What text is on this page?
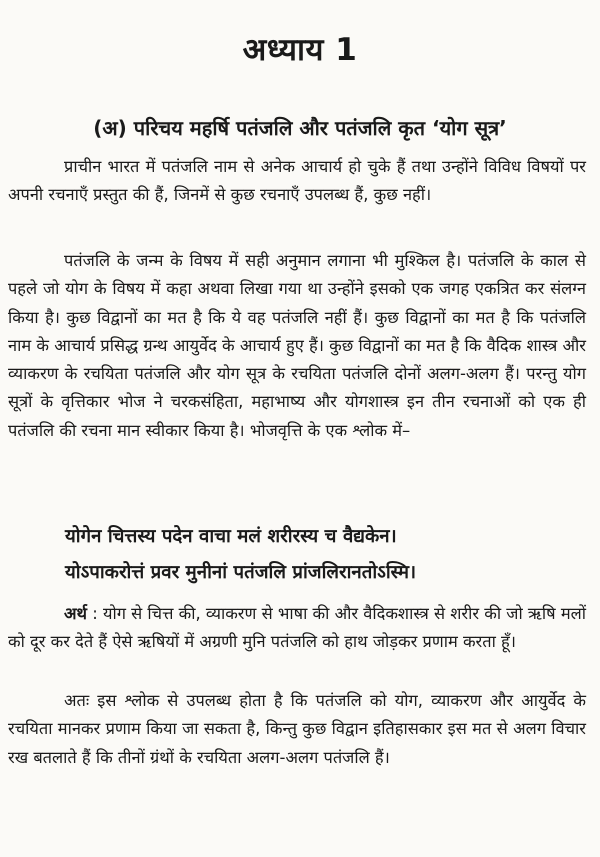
अध्याय 1
(अ) परिचय महर्षि पतंजलि और पतंजलि कृत ‘योग सूत्र’

प्राचीन भारत में पतंजलि नाम से अनेक आचार्य हो चुके हैं तथा उन्होंने विविध विषयों पर अपनी रचनाएँ प्रस्तुत की हैं, जिनमें से कुछ रचनाएँ उपलब्ध हैं, कुछ नहीं।

पतंजलि के जन्म के विषय में सही अनुमान लगाना भी मुश्किल है। पतंजलि के काल से पहले जो योग के विषय में कहा अथवा लिखा गया था उन्होंने इसको एक जगह एकत्रित कर संलग्न किया है। कुछ विद्वानों का मत है कि ये वह पतंजलि नहीं हैं। कुछ विद्वानों का मत है कि पतंजलि नाम के आचार्य प्रसिद्ध ग्रन्थ आयुर्वेद के आचार्य हुए हैं। कुछ विद्वानों का मत है कि वैदिक शास्त्र और व्याकरण के रचयिता पतंजलि और योग सूत्र के रचयिता पतंजलि दोनों अलग-अलग हैं। परन्तु योग सूत्रों के वृत्तिकार भोज ने चरकसंहिता, महाभाष्य और योगशास्त्र इन तीन रचनाओं को एक ही पतंजलि की रचना मान स्वीकार किया है। भोजवृत्ति के एक श्लोक में–

योगेन चित्तस्य पदेन वाचा मलं शरीरस्य च वैद्यकेन।
योऽपाकरोत्तं प्रवर मुनीनां पतंजलि प्रांजलिरानतोऽस्मि।

अर्थ : योग से चित्त की, व्याकरण से भाषा की और वैदिकशास्त्र से शरीर की जो ऋषि मलों को दूर कर देते हैं ऐसे ऋषियों में अग्रणी मुनि पतंजलि को हाथ जोड़कर प्रणाम करता हूँ।

अतः इस श्लोक से उपलब्ध होता है कि पतंजलि को योग, व्याकरण और आयुर्वेद के रचयिता मानकर प्रणाम किया जा सकता है, किन्तु कुछ विद्वान इतिहासकार इस मत से अलग विचार रख बतलाते हैं कि तीनों ग्रंथों के रचयिता अलग-अलग पतंजलि हैं।
